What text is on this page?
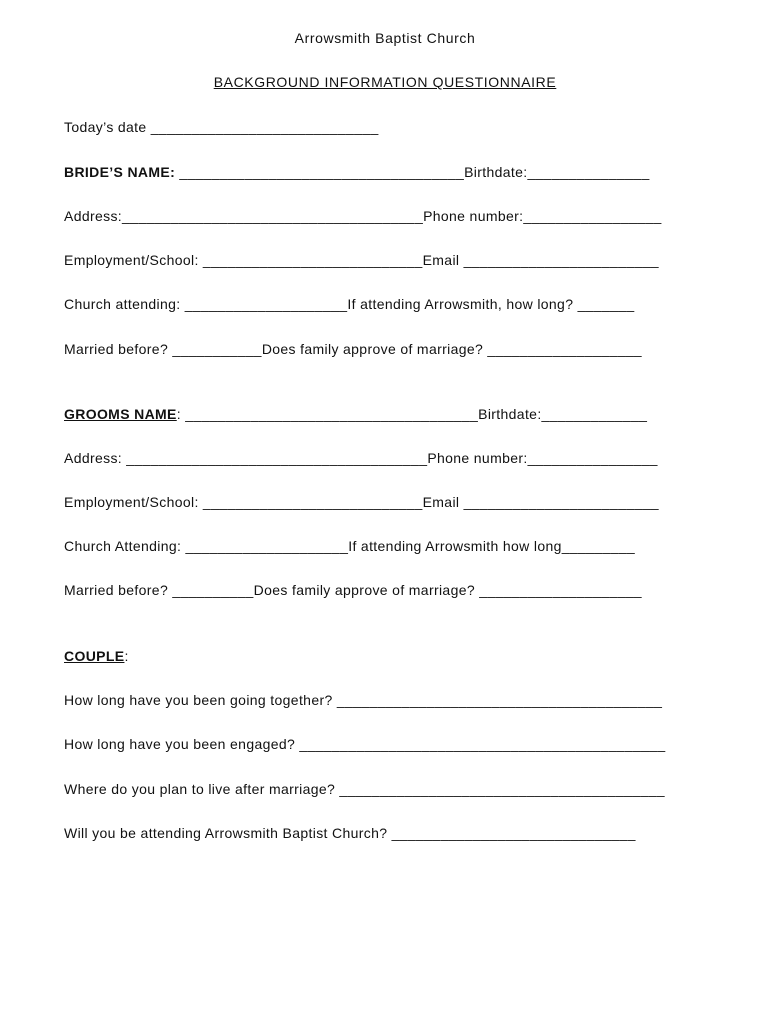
Arrowsmith Baptist Church
BACKGROUND INFORMATION QUESTIONNAIRE
Today’s date ____________________________
BRIDE’S NAME: ___________________________________Birthdate:_______________
Address:_____________________________________Phone number:_________________
Employment/School: ___________________________Email ________________________
Church attending: ____________________If attending Arrowsmith, how long? _______
Married before? ___________Does family approve of marriage? ___________________
GROOMS NAME: ____________________________________Birthdate:_____________
Address: _____________________________________Phone number:________________
Employment/School: ___________________________Email ________________________
Church Attending: ____________________If attending Arrowsmith how long_________
Married before? __________Does family approve of marriage? ____________________
COUPLE:
How long have you been going together? ________________________________________
How long have you been engaged? _____________________________________________
Where do you plan to live after marriage? ________________________________________
Will you be attending Arrowsmith Baptist Church? ______________________________
